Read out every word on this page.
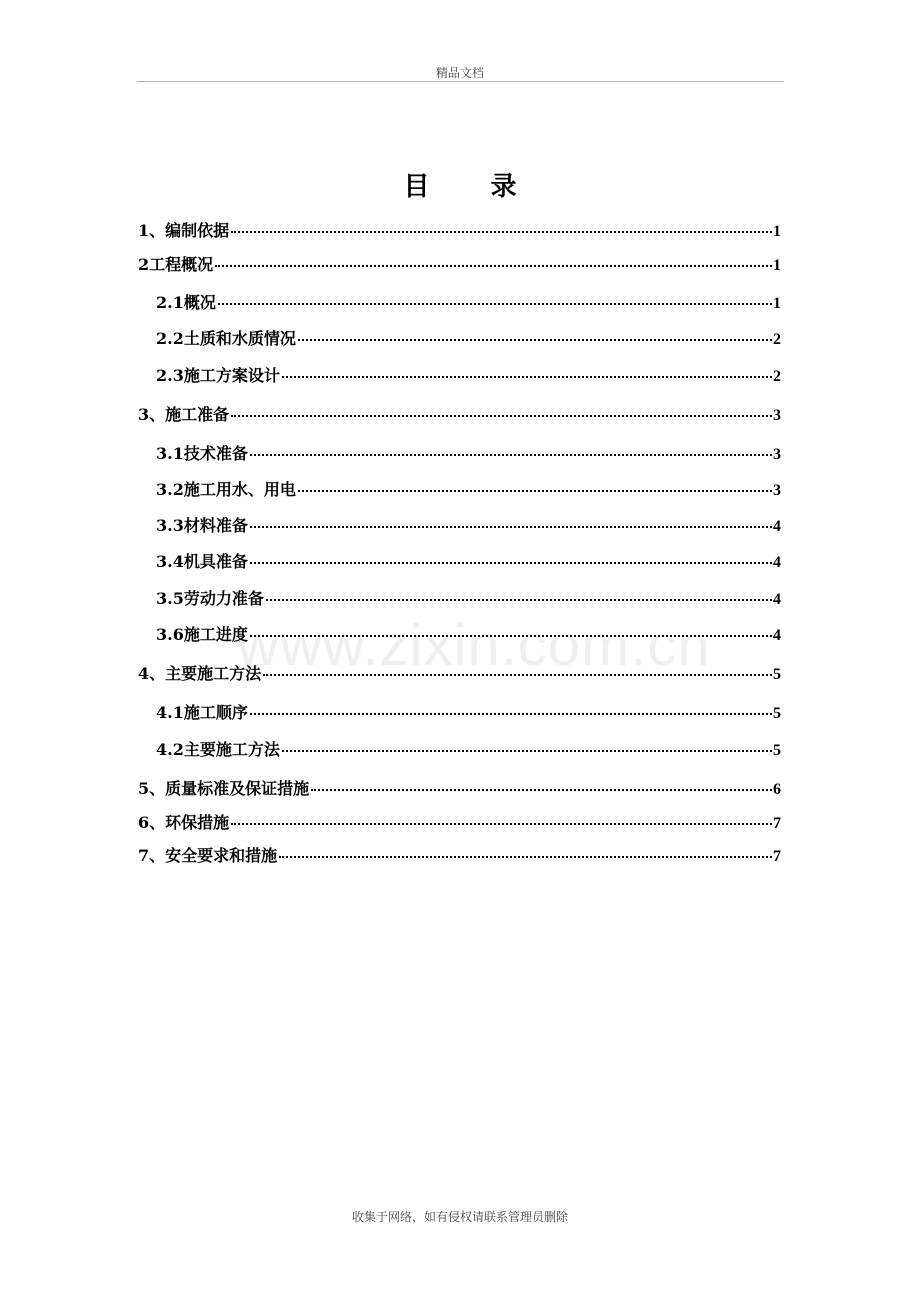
精品文档
目 录
1、编制依据	1
2工程概况	1
2.1概况	1
2.2土质和水质情况	2
2.3施工方案设计	2
3、施工准备	3
3.1技术准备	3
3.2施工用水、用电	3
3.3材料准备	4
3.4机具准备	4
3.5劳动力准备	4
3.6施工进度	4
4、主要施工方法	5
4.1施工顺序	5
4.2主要施工方法	5
5、质量标准及保证措施	6
6、环保措施	7
7、安全要求和措施	7
www.zixin.com.cn
收集于网络，如有侵权请联系管理员删除
